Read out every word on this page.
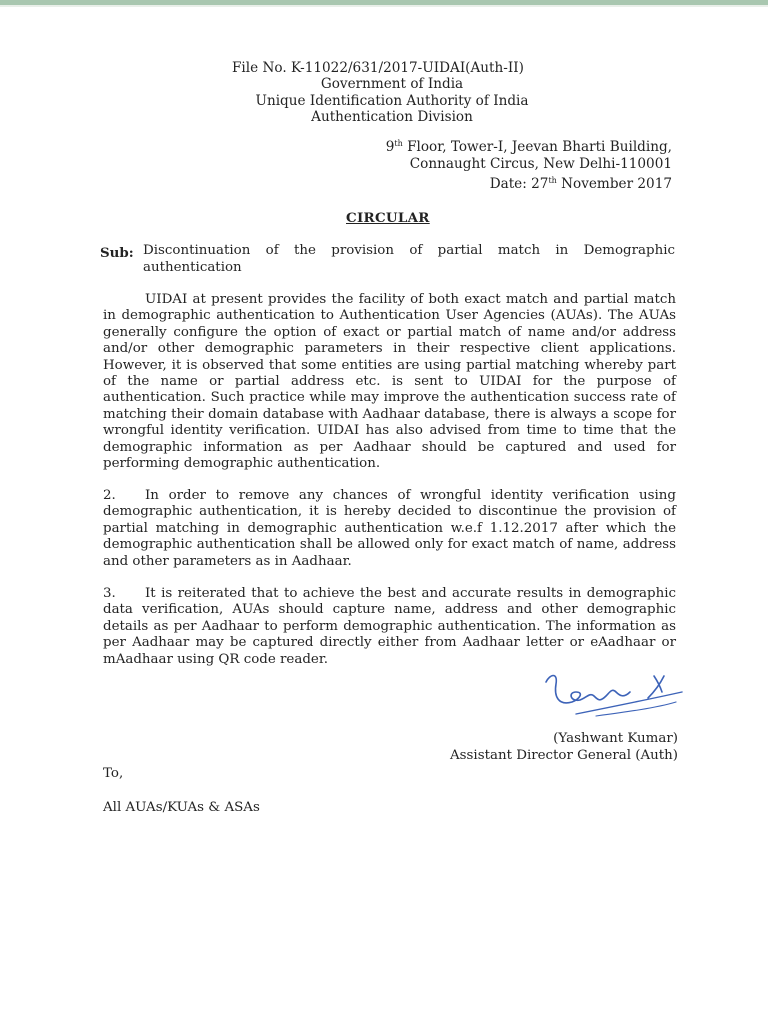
File No. K-11022/631/2017-UIDAI(Auth-II)
Government of India
Unique Identification Authority of India
Authentication Division
9th Floor, Tower-I, Jeevan Bharti Building,
Connaught Circus, New Delhi-110001
Date: 27th November 2017
CIRCULAR
Sub: Discontinuation of the provision of partial match in Demographic authentication
UIDAI at present provides the facility of both exact match and partial match in demographic authentication to Authentication User Agencies (AUAs). The AUAs generally configure the option of exact or partial match of name and/or address and/or other demographic parameters in their respective client applications. However, it is observed that some entities are using partial matching whereby part of the name or partial address etc. is sent to UIDAI for the purpose of authentication. Such practice while may improve the authentication success rate of matching their domain database with Aadhaar database, there is always a scope for wrongful identity verification. UIDAI has also advised from time to time that the demographic information as per Aadhaar should be captured and used for performing demographic authentication.
2. In order to remove any chances of wrongful identity verification using demographic authentication, it is hereby decided to discontinue the provision of partial matching in demographic authentication w.e.f 1.12.2017 after which the demographic authentication shall be allowed only for exact match of name, address and other parameters as in Aadhaar.
3. It is reiterated that to achieve the best and accurate results in demographic data verification, AUAs should capture name, address and other demographic details as per Aadhaar to perform demographic authentication. The information as per Aadhaar may be captured directly either from Aadhaar letter or eAadhaar or mAadhaar using QR code reader.
(Yashwant Kumar)
Assistant Director General (Auth)
To,
All AUAs/KUAs & ASAs
